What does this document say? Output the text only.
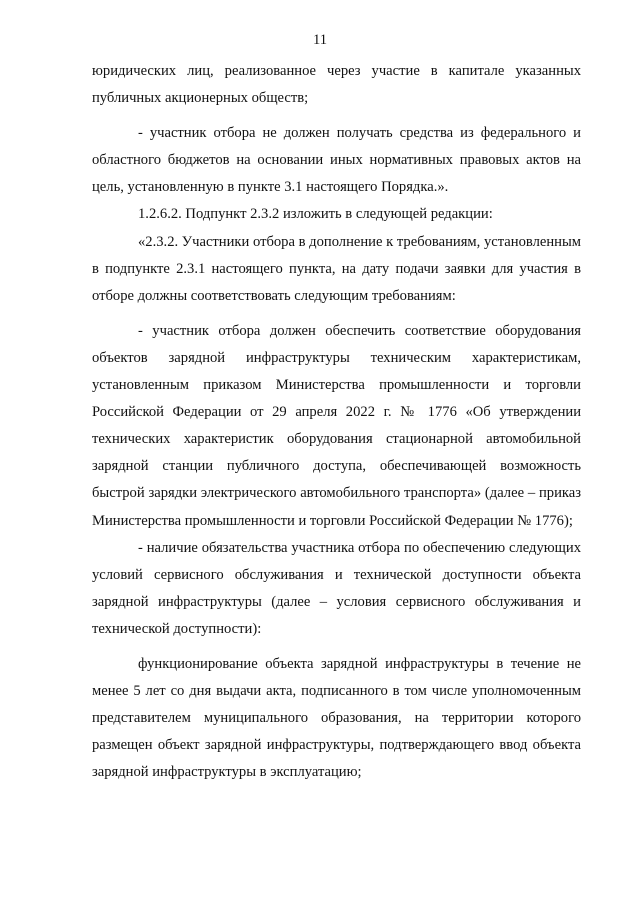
11

юридических лиц, реализованное через участие в капитале указанных публичных акционерных обществ;

- участник отбора не должен получать средства из федерального и областного бюджетов на основании иных нормативных правовых актов на цель, установленную в пункте 3.1 настоящего Порядка.».

1.2.6.2. Подпункт 2.3.2 изложить в следующей редакции:

«2.3.2. Участники отбора в дополнение к требованиям, установленным в подпункте 2.3.1 настоящего пункта, на дату подачи заявки для участия в отборе должны соответствовать следующим требованиям:

- участник отбора должен обеспечить соответствие оборудования объектов зарядной инфраструктуры техническим характеристикам, установленным приказом Министерства промышленности и торговли Российской Федерации от 29 апреля 2022 г. № 1776 «Об утверждении технических характеристик оборудования стационарной автомобильной зарядной станции публичного доступа, обеспечивающей возможность быстрой зарядки электрического автомобильного транспорта» (далее – приказ Министерства промышленности и торговли Российской Федерации № 1776);

- наличие обязательства участника отбора по обеспечению следующих условий сервисного обслуживания и технической доступности объекта зарядной инфраструктуры (далее – условия сервисного обслуживания и технической доступности):

функционирование объекта зарядной инфраструктуры в течение не менее 5 лет со дня выдачи акта, подписанного в том числе уполномоченным представителем муниципального образования, на территории которого размещен объект зарядной инфраструктуры, подтверждающего ввод объекта зарядной инфраструктуры в эксплуатацию;
